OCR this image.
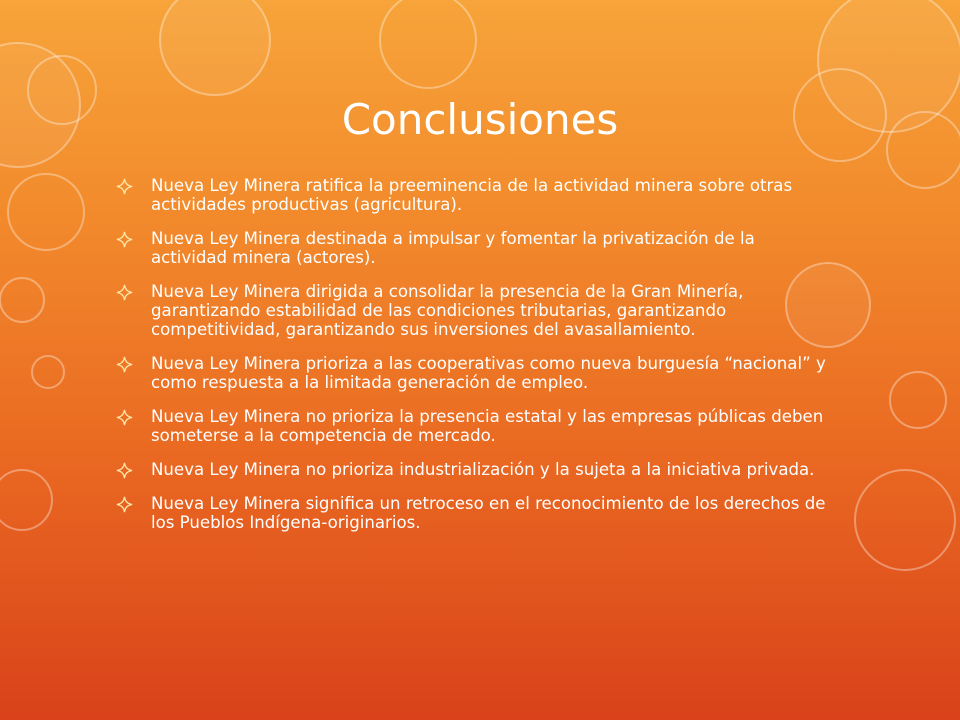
Conclusiones
Nueva Ley Minera ratifica la preeminencia de la actividad minera sobre otras actividades productivas (agricultura).
Nueva Ley Minera destinada a impulsar y fomentar la privatización de la actividad minera (actores).
Nueva Ley Minera dirigida a consolidar la presencia de la Gran Minería, garantizando estabilidad de las condiciones tributarias, garantizando competitividad, garantizando sus inversiones del avasallamiento.
Nueva Ley Minera prioriza a las cooperativas como nueva burguesía “nacional” y como respuesta a la limitada generación de empleo.
Nueva Ley Minera no prioriza la presencia estatal y las empresas públicas deben someterse a la competencia de mercado.
Nueva Ley Minera no prioriza industrialización y la sujeta a la iniciativa privada.
Nueva Ley Minera significa un retroceso en el reconocimiento de los derechos de los Pueblos Indígena-originarios.
